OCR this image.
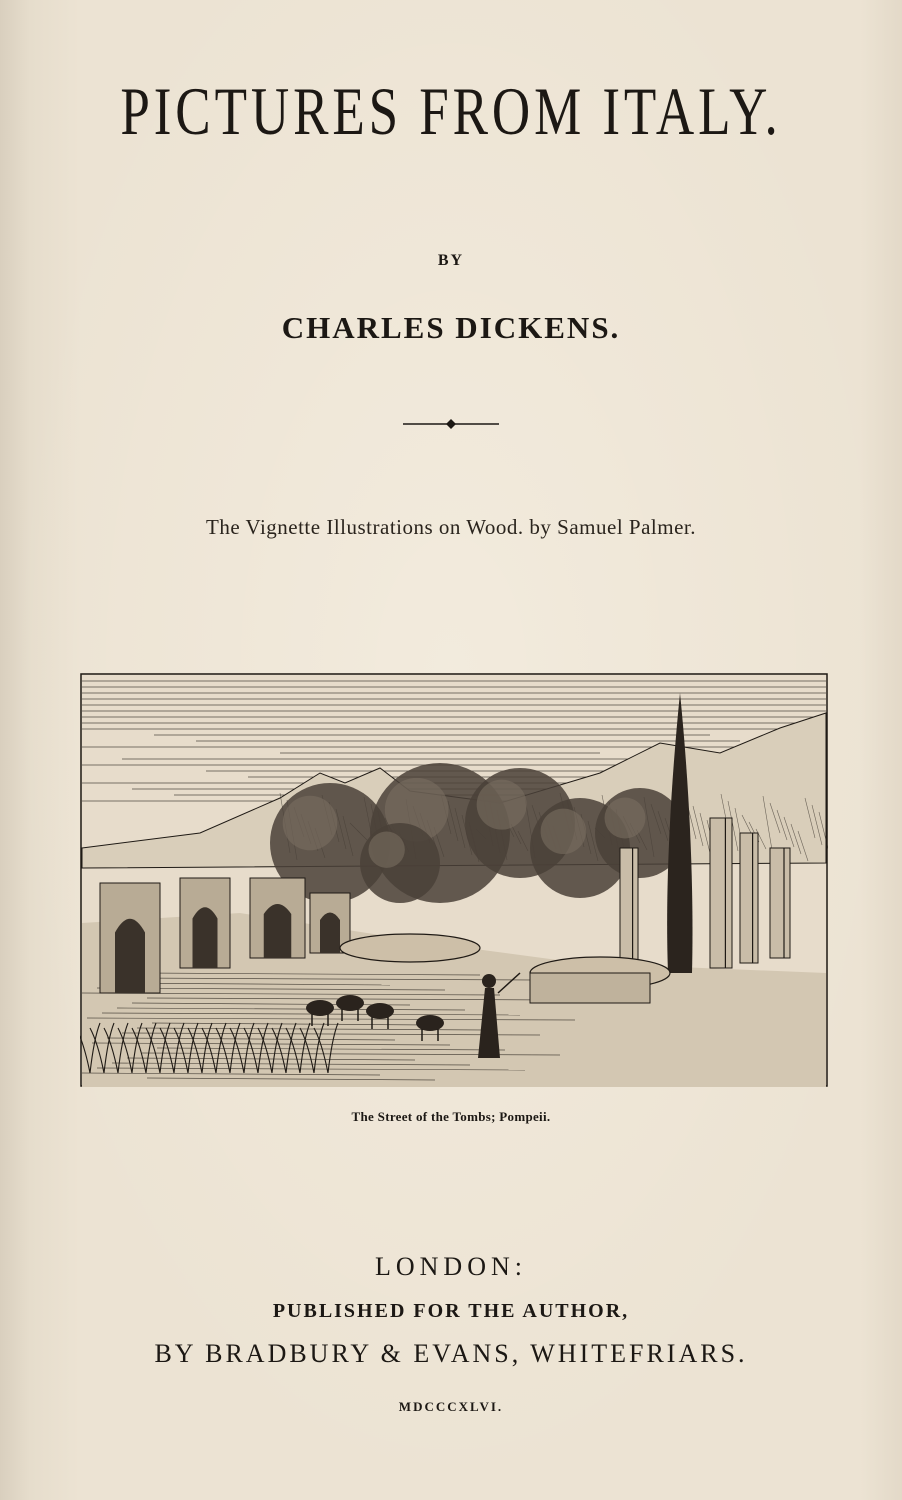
PICTURES FROM ITALY.
BY
CHARLES DICKENS.
The Vignette Illustrations on Wood. by Samuel Palmer.
The Street of the Tombs; Pompeii.
LONDON:
PUBLISHED FOR THE AUTHOR,
BY BRADBURY & EVANS, WHITEFRIARS.
MDCCCXLVI.
